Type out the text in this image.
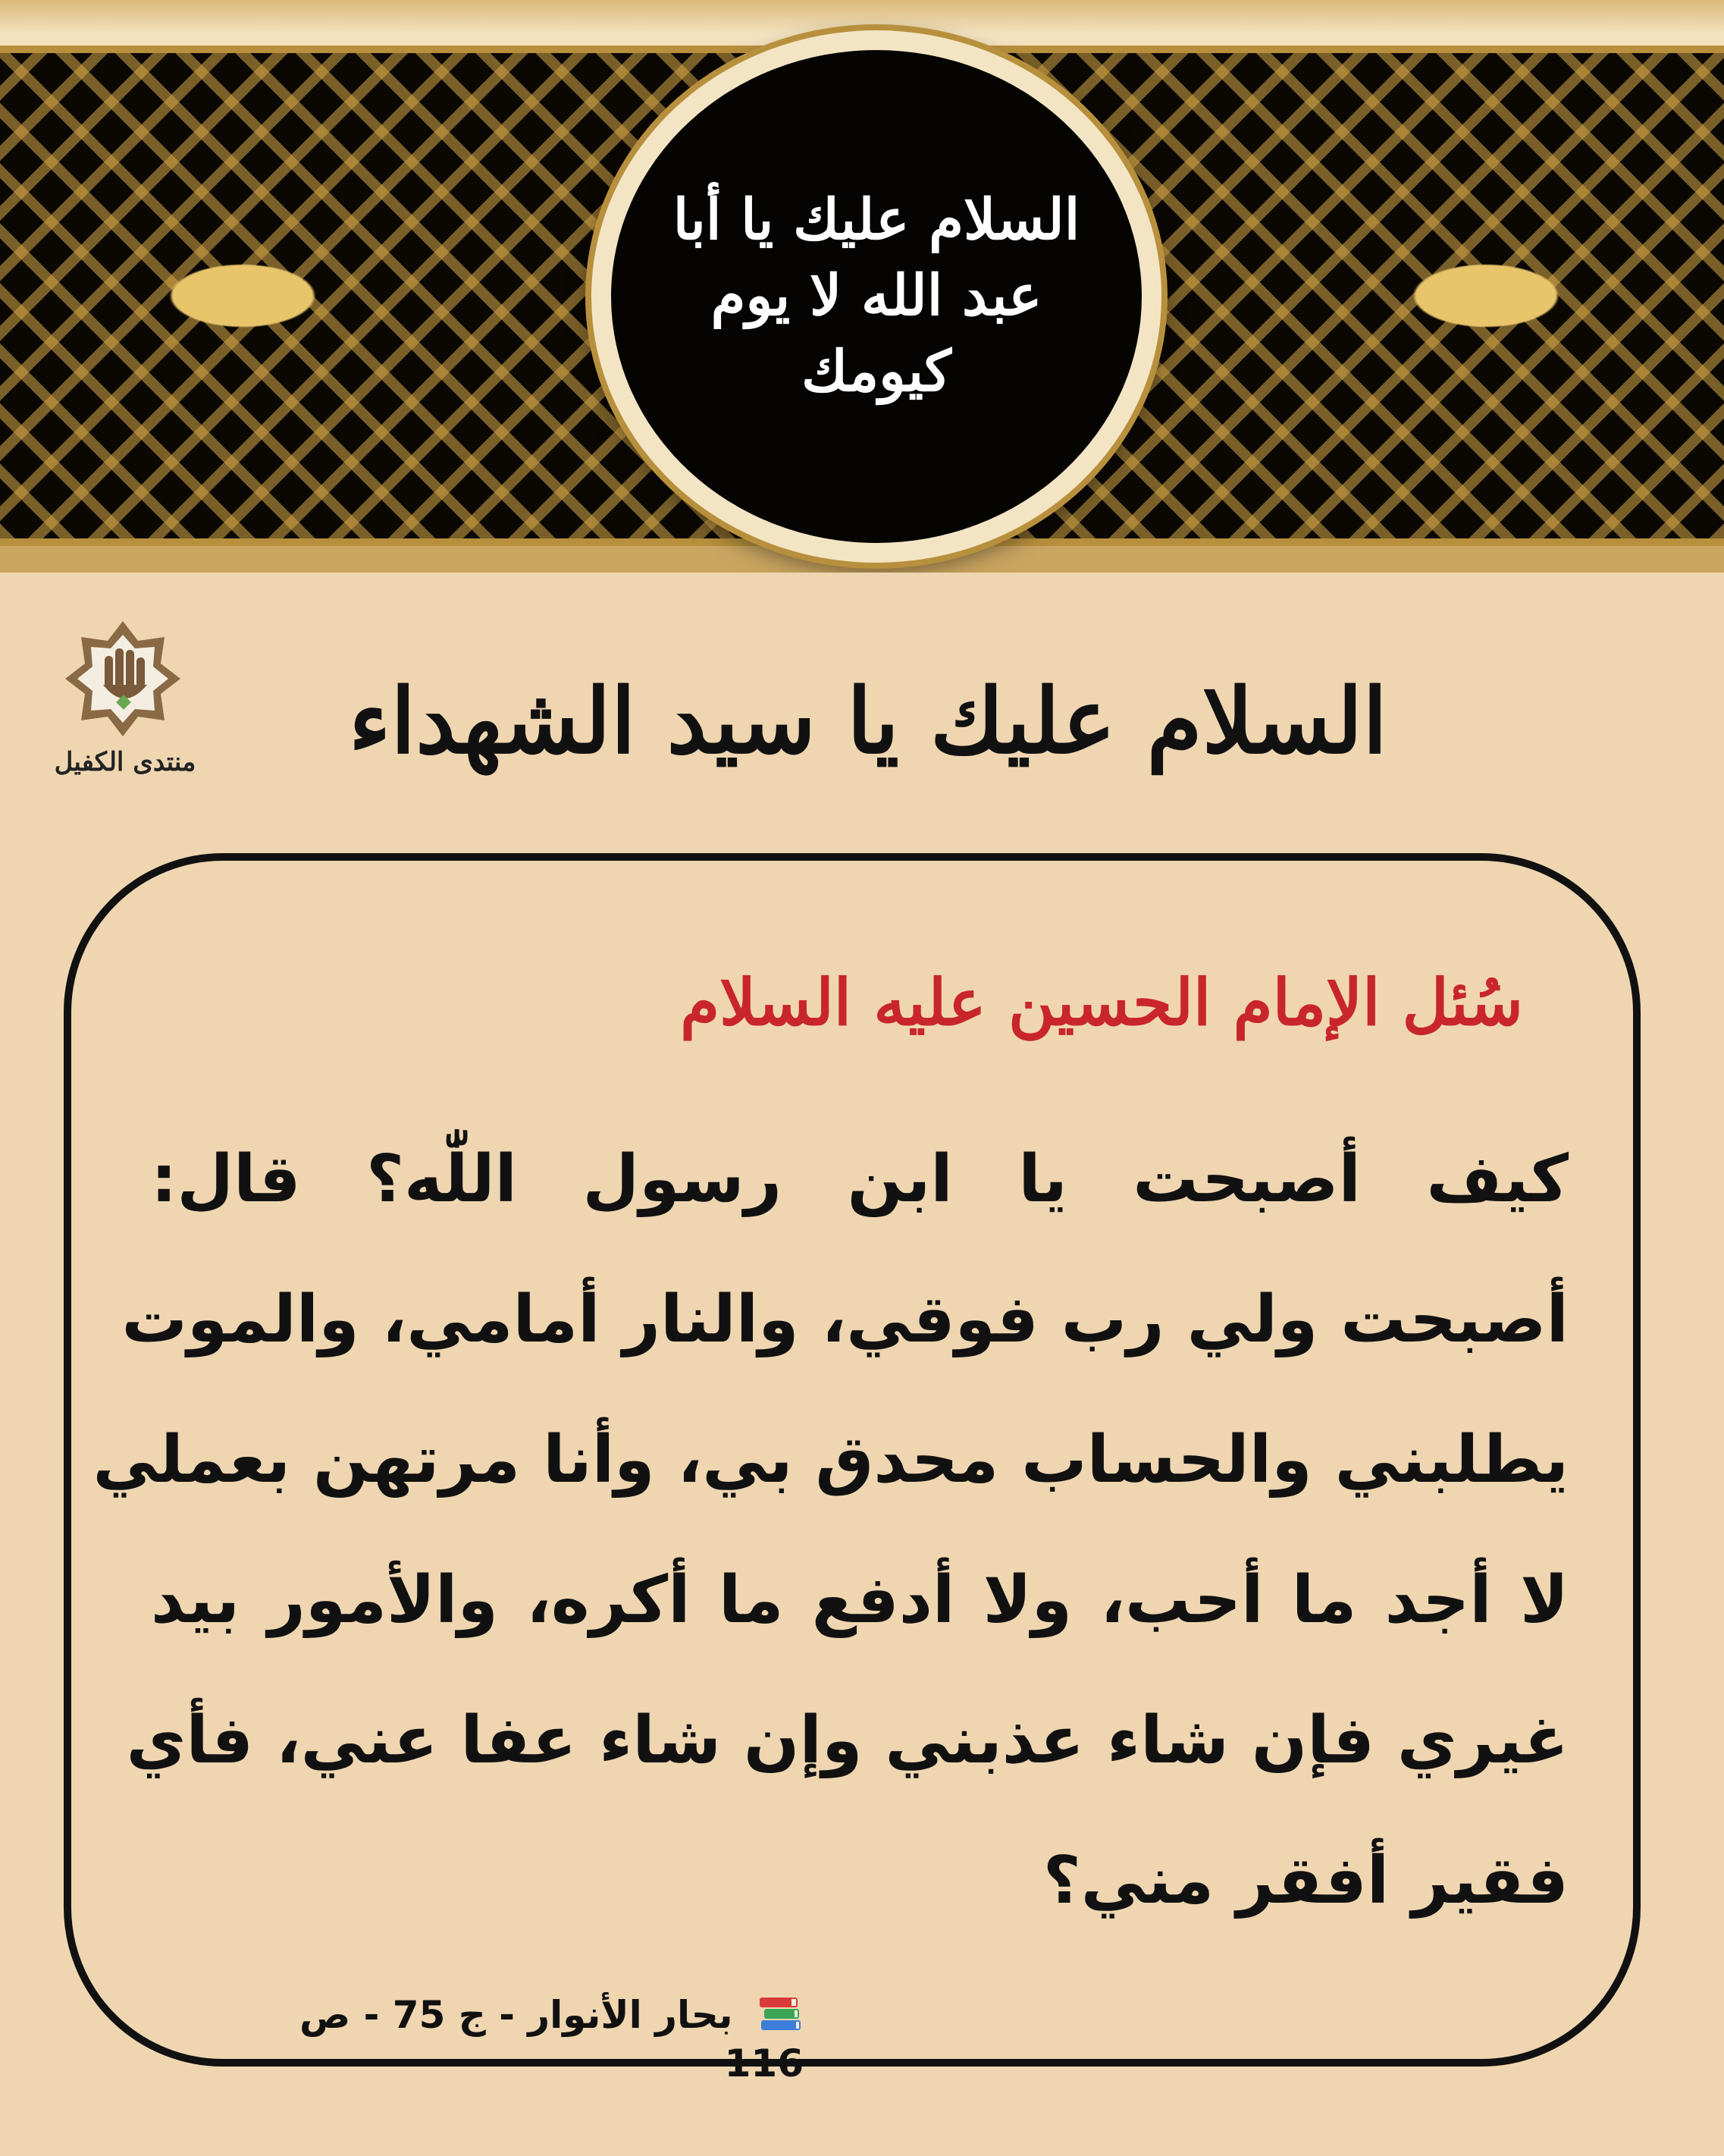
السلام عليك يا أبا عبد الله لا يوم كيومك
منتدى الكفيل	السلام عليك يا سيد الشهداء
سُئل الإمام الحسين عليه السلام
كيف أصبحت يا ابن رسول اللّٰه؟ قال:
أصبحت ولي رب فوقي، والنار أمامي، والموت
يطلبني والحساب محدق بي، وأنا مرتهن بعملي
لا أجد ما أحب، ولا أدفع ما أكره، والأمور بيد
غيري فإن شاء عذبني وإن شاء عفا عني، فأي
فقير أفقر مني؟
بحار الأنوار - ج 75 - ص 116
